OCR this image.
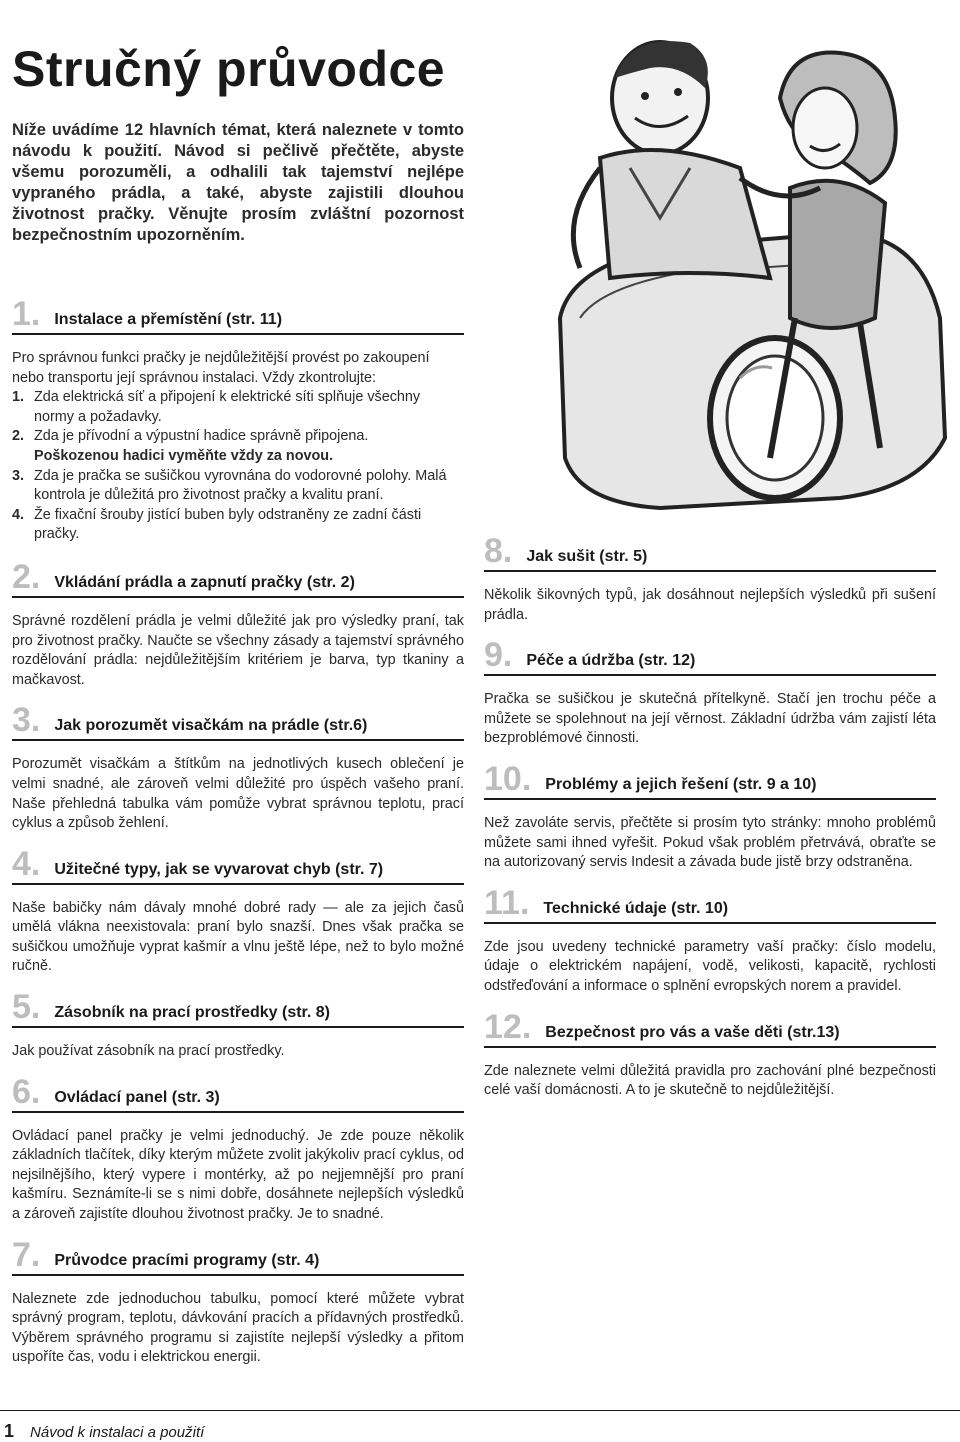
Stručný průvodce

Níže uvádíme 12 hlavních témat, která naleznete v tomto návodu k použití. Návod si pečlivě přečtěte, abyste všemu porozuměli, a odhalili tak tajemství nejlépe vypraného prádla, a také, abyste zajistili dlouhou životnost pračky. Věnujte prosím zvláštní pozornost bezpečnostním upozorněním.

1. Instalace a přemístění (str. 11)

Pro správnou funkci pračky je nejdůležitější provést po zakoupení nebo transportu její správnou instalaci. Vždy zkontrolujte:

1. Zda elektrická síť a připojení k elektrické síti splňuje všechny normy a požadavky.
2. Zda je přívodní a výpustní hadice správně připojena.
Poškozenou hadici vyměňte vždy za novou.
3. Zda je pračka se sušičkou vyrovnána do vodorovné polohy. Malá kontrola je důležitá pro životnost pračky a kvalitu praní.
4. Že fixační šrouby jistící buben byly odstraněny ze zadní části pračky.
2. Vkládání prádla a zapnutí pračky (str. 2)

Správné rozdělení prádla je velmi důležité jak pro výsledky praní, tak pro životnost pračky. Naučte se všechny zásady a tajemství správného rozdělování prádla: nejdůležitějším kritériem je barva, typ tkaniny a mačkavost.

3. Jak porozumět visačkám na prádle (str.6)

Porozumět visačkám a štítkům na jednotlivých kusech oblečení je velmi snadné, ale zároveň velmi důležité pro úspěch vašeho praní. Naše přehledná tabulka vám pomůže vybrat správnou teplotu, prací cyklus a způsob žehlení.

4. Užitečné typy, jak se vyvarovat chyb (str. 7)

Naše babičky nám dávaly mnohé dobré rady — ale za jejich časů umělá vlákna neexistovala: praní bylo snazší. Dnes však pračka se sušičkou umožňuje vyprat kašmír a vlnu ještě lépe, než to bylo možné ručně.

5. Zásobník na prací prostředky (str. 8)

Jak používat zásobník na prací prostředky.

6. Ovládací panel (str. 3)

Ovládací panel pračky je velmi jednoduchý. Je zde pouze několik základních tlačítek, díky kterým můžete zvolit jakýkoliv prací cyklus, od nejsilnějšího, který vypere i montérky, až po nejjemnější pro praní kašmíru. Seznámíte-li se s nimi dobře, dosáhnete nejlepších výsledků a zároveň zajistíte dlouhou životnost pračky. Je to snadné.

7. Průvodce pracími programy (str. 4)

Naleznete zde jednoduchou tabulku, pomocí které můžete vybrat správný program, teplotu, dávkování pracích a přídavných prostředků. Výběrem správného programu si zajistíte nejlepší výsledky a přitom uspoříte čas, vodu i elektrickou energii.

8. Jak sušit (str. 5)

Několik šikovných typů, jak dosáhnout nejlepších výsledků při sušení prádla.

9. Péče a údržba (str. 12)

Pračka se sušičkou je skutečná přítelkyně. Stačí jen trochu péče a můžete se spolehnout na její věrnost. Základní údržba vám zajistí léta bezproblémové činnosti.

10. Problémy a jejich řešení (str. 9 a 10)

Než zavoláte servis, přečtěte si prosím tyto stránky: mnoho problémů můžete sami ihned vyřešit. Pokud však problém přetrvává, obraťte se na autorizovaný servis Indesit a závada bude jistě brzy odstraněna.

11. Technické údaje (str. 10)

Zde jsou uvedeny technické parametry vaší pračky: číslo modelu, údaje o elektrickém napájení, vodě, velikosti, kapacitě, rychlosti odstřeďování a informace o splnění evropských norem a pravidel.

12. Bezpečnost pro vás a vaše děti (str.13)

Zde naleznete velmi důležitá pravidla pro zachování plné bezpečnosti celé vaší domácnosti. A to je skutečně to nejdůležitější.

1 Návod k instalaci a použití
